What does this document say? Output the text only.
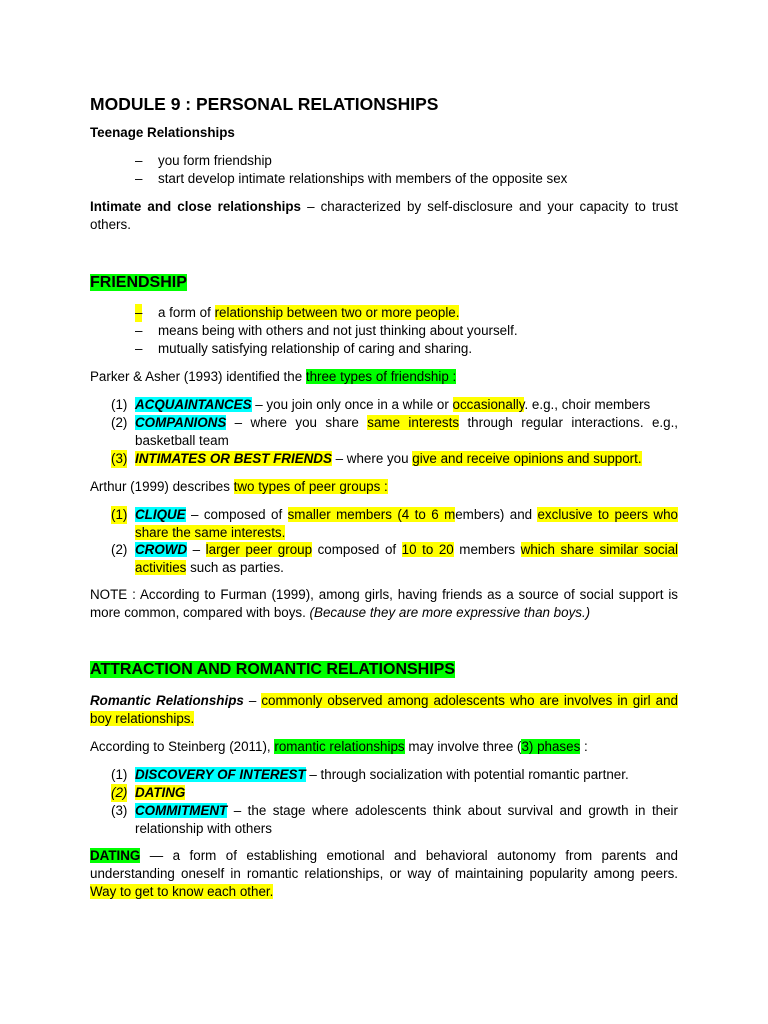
MODULE 9 : PERSONAL RELATIONSHIPS
Teenage Relationships
– you form friendship
– start develop intimate relationships with members of the opposite sex
Intimate and close relationships – characterized by self-disclosure and your capacity to trust others.
FRIENDSHIP
– a form of relationship between two or more people.
– means being with others and not just thinking about yourself.
– mutually satisfying relationship of caring and sharing.
Parker & Asher (1993) identified the three types of friendship :
(1) ACQUAINTANCES – you join only once in a while or occasionally. e.g., choir members
(2) COMPANIONS – where you share same interests through regular interactions. e.g., basketball team
(3) INTIMATES OR BEST FRIENDS – where you give and receive opinions and support.
Arthur (1999) describes two types of peer groups :
(1) CLIQUE – composed of smaller members (4 to 6 members) and exclusive to peers who share the same interests.
(2) CROWD – larger peer group composed of 10 to 20 members which share similar social activities such as parties.
NOTE : According to Furman (1999), among girls, having friends as a source of social support is more common, compared with boys. (Because they are more expressive than boys.)
ATTRACTION AND ROMANTIC RELATIONSHIPS
Romantic Relationships – commonly observed among adolescents who are involves in girl and boy relationships.
According to Steinberg (2011), romantic relationships may involve three (3) phases :
(1) DISCOVERY OF INTEREST – through socialization with potential romantic partner.
(2) DATING
(3) COMMITMENT – the stage where adolescents think about survival and growth in their relationship with others
DATING — a form of establishing emotional and behavioral autonomy from parents and understanding oneself in romantic relationships, or way of maintaining popularity among peers. Way to get to know each other.
